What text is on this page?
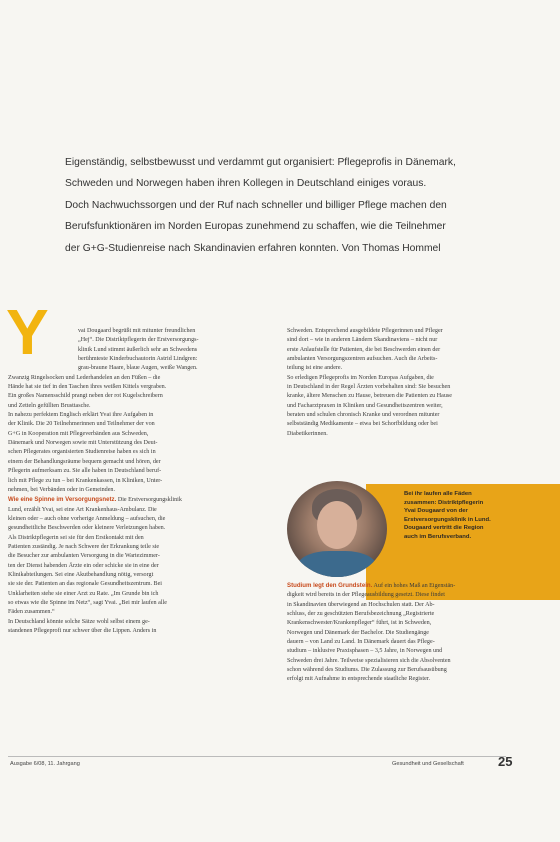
Eigenständig, selbstbewusst und verdammt gut organisiert: Pflegeprofis in Dänemark,

Schweden und Norwegen haben ihren Kollegen in Deutschland einiges voraus.

Doch Nachwuchssorgen und der Ruf nach schneller und billiger Pflege machen den

Berufsfunktionären im Norden Europas zunehmend zu schaffen, wie die Teilnehmer

der G+G-Studienreise nach Skandinavien erfahren konnten. Von Thomas Hommel

Y	vai Dougaard begrüßt mit mitunter freundlichen

„Hej“. Die Distriktpflegerin der Erstversorgungs-

klinik Lund stimmt äußerlich sehr an Schwedens

berühmteste Kinderbuchautorin Astrid Lindgren:

grau-braune Haare, blaue Augen, weiße Wangen.

Zwanzig Ringelsocken und Lederhandelen an den Füßen – die

Hände hat sie tief in den Taschen ihres weißen Kittels vergraben.

Ein großes Namensschild prangt neben der rot Kugelschreibern

und Zetteln gefüllten Brusttasche.

In nahezu perfektem Englisch erklärt Yvai ihre Aufgaben in

der Klinik. Die 20 Teilnehmerinnen und Teilnehmer der von

G+G in Kooperation mit Pflegeverbänden aus Schweden,

Dänemark und Norwegen sowie mit Unterstützung des Deut-

schen Pflegerates organisierten Studienreise haben es sich in

einem der Behandlungsräume bequem gemacht und hören, der

Pflegerin aufmerksam zu. Sie alle haben in Deutschland beruf-

lich mit Pflege zu tun – bei Krankenkassen, in Kliniken, Unter-

nehmen, bei Verbänden oder in Gemeinden.

Wie eine Spinne im Versorgungsnetz. Die Erstversorgungsklinik

Lund, erzählt Yvai, sei eine Art Krankenhaus-Ambulanz. Die

kleinen oder – auch ohne vorherige Anmeldung – aufsuchen, die

gesundheitliche Beschwerden oder kleinere Verletzungen haben.

Als Distriktpflegerin sei sie für den Erstkontakt mit den

Patienten zuständig. Je nach Schwere der Erkrankung teile sie

die Besucher zur ambulanten Versorgung in die Wartezimmer-

ten der Dienst habenden Ärzte ein oder schicke sie in eine der

Klinikabteilungen. Sei eine Akutbehandlung nötig, versorgt

sie sie der. Patienten an das regionale Gesundheitszentrum. Bei

Unklarheiten stehe sie einer Arzt zu Rate. „Im Grunde bin ich

so etwas wie die Spinne im Netz“, sagt Yvai. „Bei mir laufen alle

Fäden zusammen.“

In Deutschland könnte solche Sätze wohl selbst einem ge-

standenen Pflegeprofi nur schwer über die Lippen. Anders in

Schweden. Entsprechend ausgebildete Pflegerinnen und Pfleger

sind dort – wie in anderen Ländern Skandinaviens – nicht nur

erste Anlaufstelle für Patienten, die bei Beschwerden einen der

ambulanten Versorgungszentren aufsuchen. Auch die Arbeits-

teilung ist eine andere.

So erledigen Pflegeprofis im Norden Europas Aufgaben, die

in Deutschland in der Regel Ärzten vorbehalten sind: Sie besuchen

kranke, ältere Menschen zu Hause, betreuen die Patienten zu Hause

und Facharztpraxen in Kliniken und Gesundheitszentren weiter,

beraten und schulen chronisch Kranke und verordnen mitunter

selbstständig Medikamente – etwa bei Schorfbildung oder bei

Diabetikerinnen.

Bei ihr laufen alle Fäden

zusammen: Distriktpflegerin

Yvai Dougaard von der

Erstversorgungsklinik in Lund.

Dougaard vertritt die Region

auch im Berufsverband.

Studium legt den Grundstein. Auf ein hohes Maß an Eigenstän-

digkeit wird bereits in der Pflegeausbildung gesetzt. Diese findet

in Skandinavien überwiegend an Hochschulen statt. Der Ab-

schluss, der zu geschützten Berufsbezeichnung „Registrierte

Krankenschwester/Krankenpfleger“ führt, ist in Schweden,

Norwegen und Dänemark der Bachelor. Die Studiengänge

dauern – von Land zu Land. In Dänemark dauert das Pflege-

studium – inklusive Praxisphasen – 3,5 Jahre, in Norwegen und

Schweden drei Jahre. Teilweise spezialisieren sich die Absolventen

schon während des Studiums. Die Zulassung zur Berufsausübung

erfolgt mit Aufnahme in entsprechende staatliche Register.

Ausgabe 6/08, 11. Jahrgang	Gesundheit und Gesellschaft	25
